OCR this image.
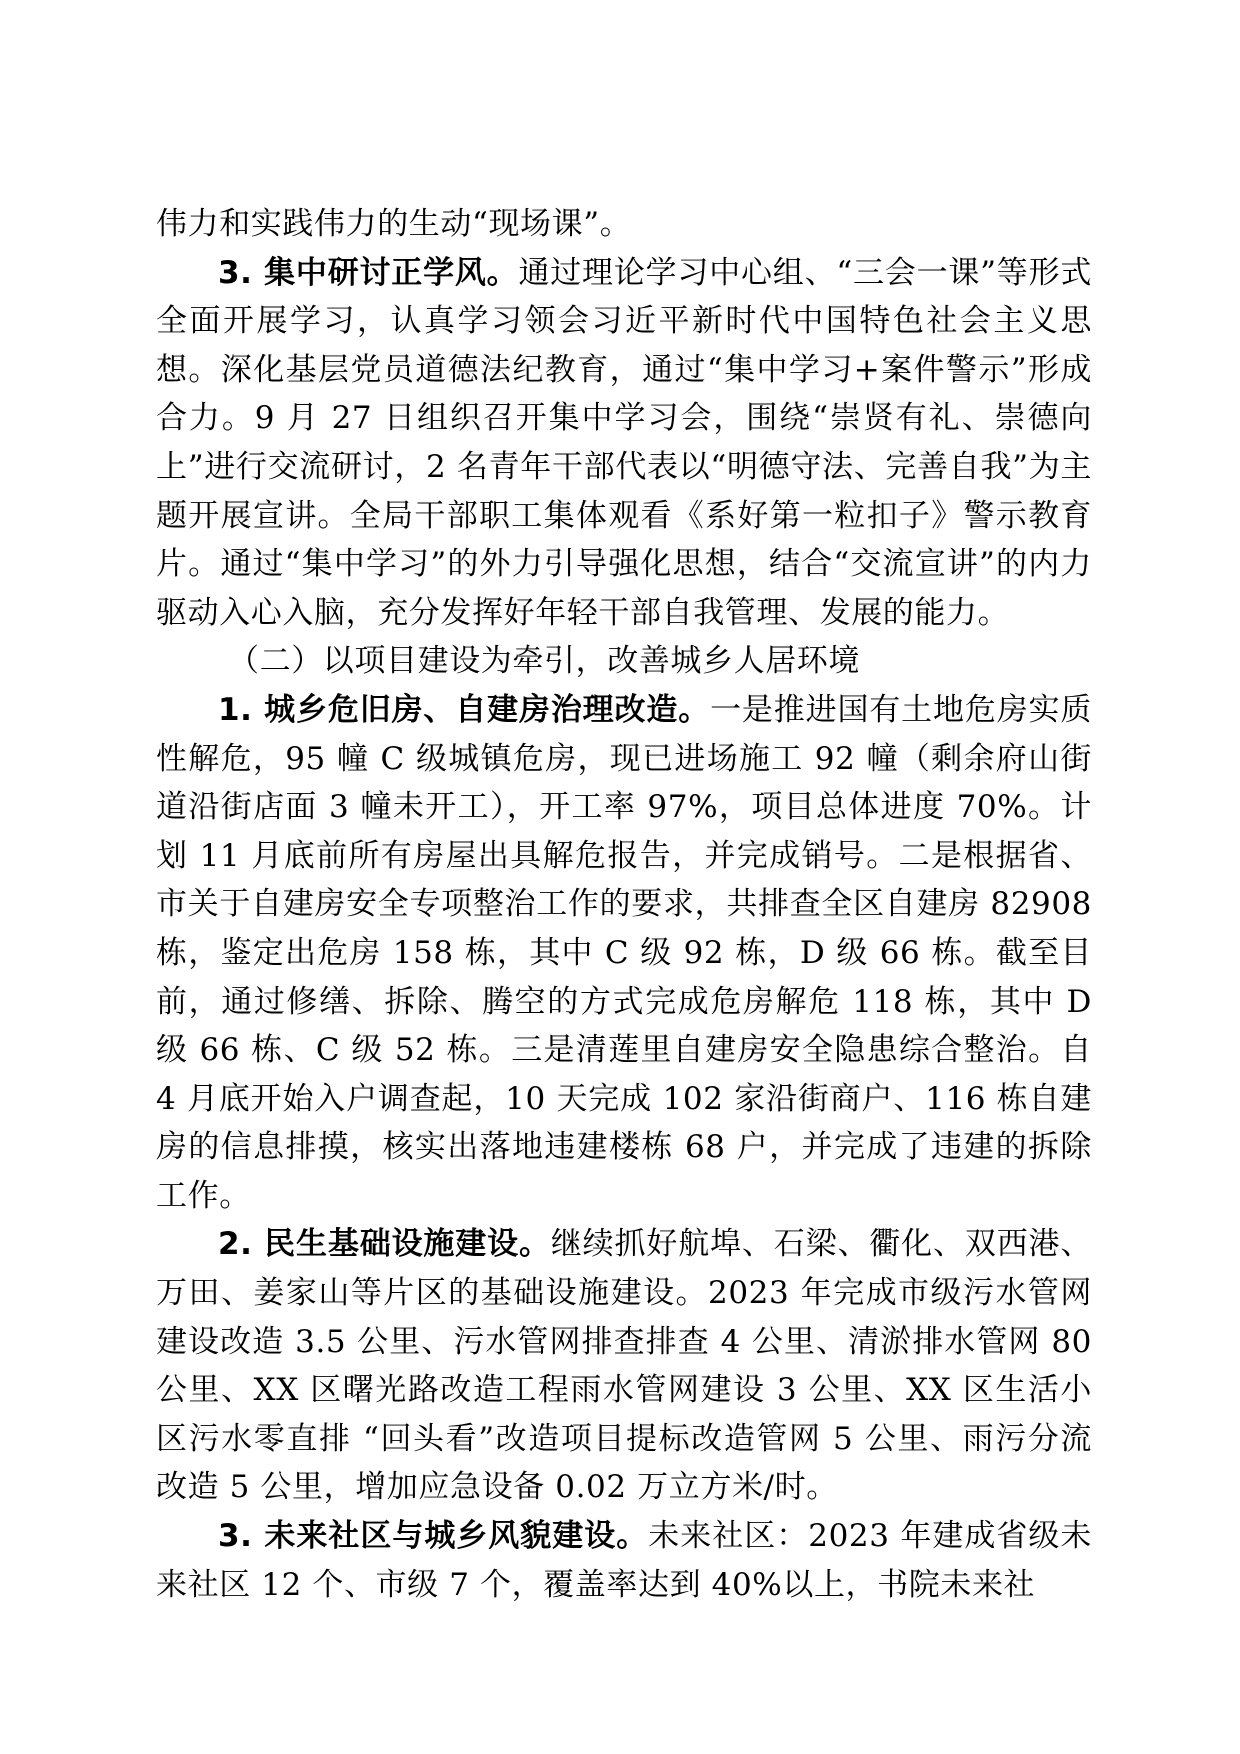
伟力和实践伟力的生动“现场课”。

3. 集中研讨正学风。通过理论学习中心组、“三会一课”等形式全面开展学习，认真学习领会习近平新时代中国特色社会主义思想。深化基层党员道德法纪教育，通过“集中学习+案件警示”形成合力。9 月 27 日组织召开集中学习会，围绕“崇贤有礼、崇德向上”进行交流研讨，2 名青年干部代表以“明德守法、完善自我”为主题开展宣讲。全局干部职工集体观看《系好第一粒扣子》警示教育片。通过“集中学习”的外力引导强化思想，结合“交流宣讲”的内力驱动入心入脑，充分发挥好年轻干部自我管理、发展的能力。

（二）以项目建设为牵引，改善城乡人居环境

1. 城乡危旧房、自建房治理改造。一是推进国有土地危房实质性解危，95 幢 C 级城镇危房，现已进场施工 92 幢（剩余府山街道沿街店面 3 幢未开工），开工率 97%，项目总体进度 70%。计划 11 月底前所有房屋出具解危报告，并完成销号。二是根据省、市关于自建房安全专项整治工作的要求，共排查全区自建房 82908 栋，鉴定出危房 158 栋，其中 C 级 92 栋，D 级 66 栋。截至目前，通过修缮、拆除、腾空的方式完成危房解危 118 栋，其中 D 级 66 栋、C 级 52 栋。三是清莲里自建房安全隐患综合整治。自 4 月底开始入户调查起，10 天完成 102 家沿街商户、116 栋自建房的信息排摸，核实出落地违建楼栋 68 户，并完成了违建的拆除工作。

2. 民生基础设施建设。继续抓好航埠、石梁、衢化、双西港、万田、姜家山等片区的基础设施建设。2023 年完成市级污水管网建设改造 3.5 公里、污水管网排查排查 4 公里、清淤排水管网 80 公里、XX 区曙光路改造工程雨水管网建设 3 公里、XX 区生活小区污水零直排 “回头看”改造项目提标改造管网 5 公里、雨污分流改造 5 公里，增加应急设备 0.02 万立方米/时。

3. 未来社区与城乡风貌建设。未来社区：2023 年建成省级未来社区 12 个、市级 7 个，覆盖率达到 40%以上，书院未来社
